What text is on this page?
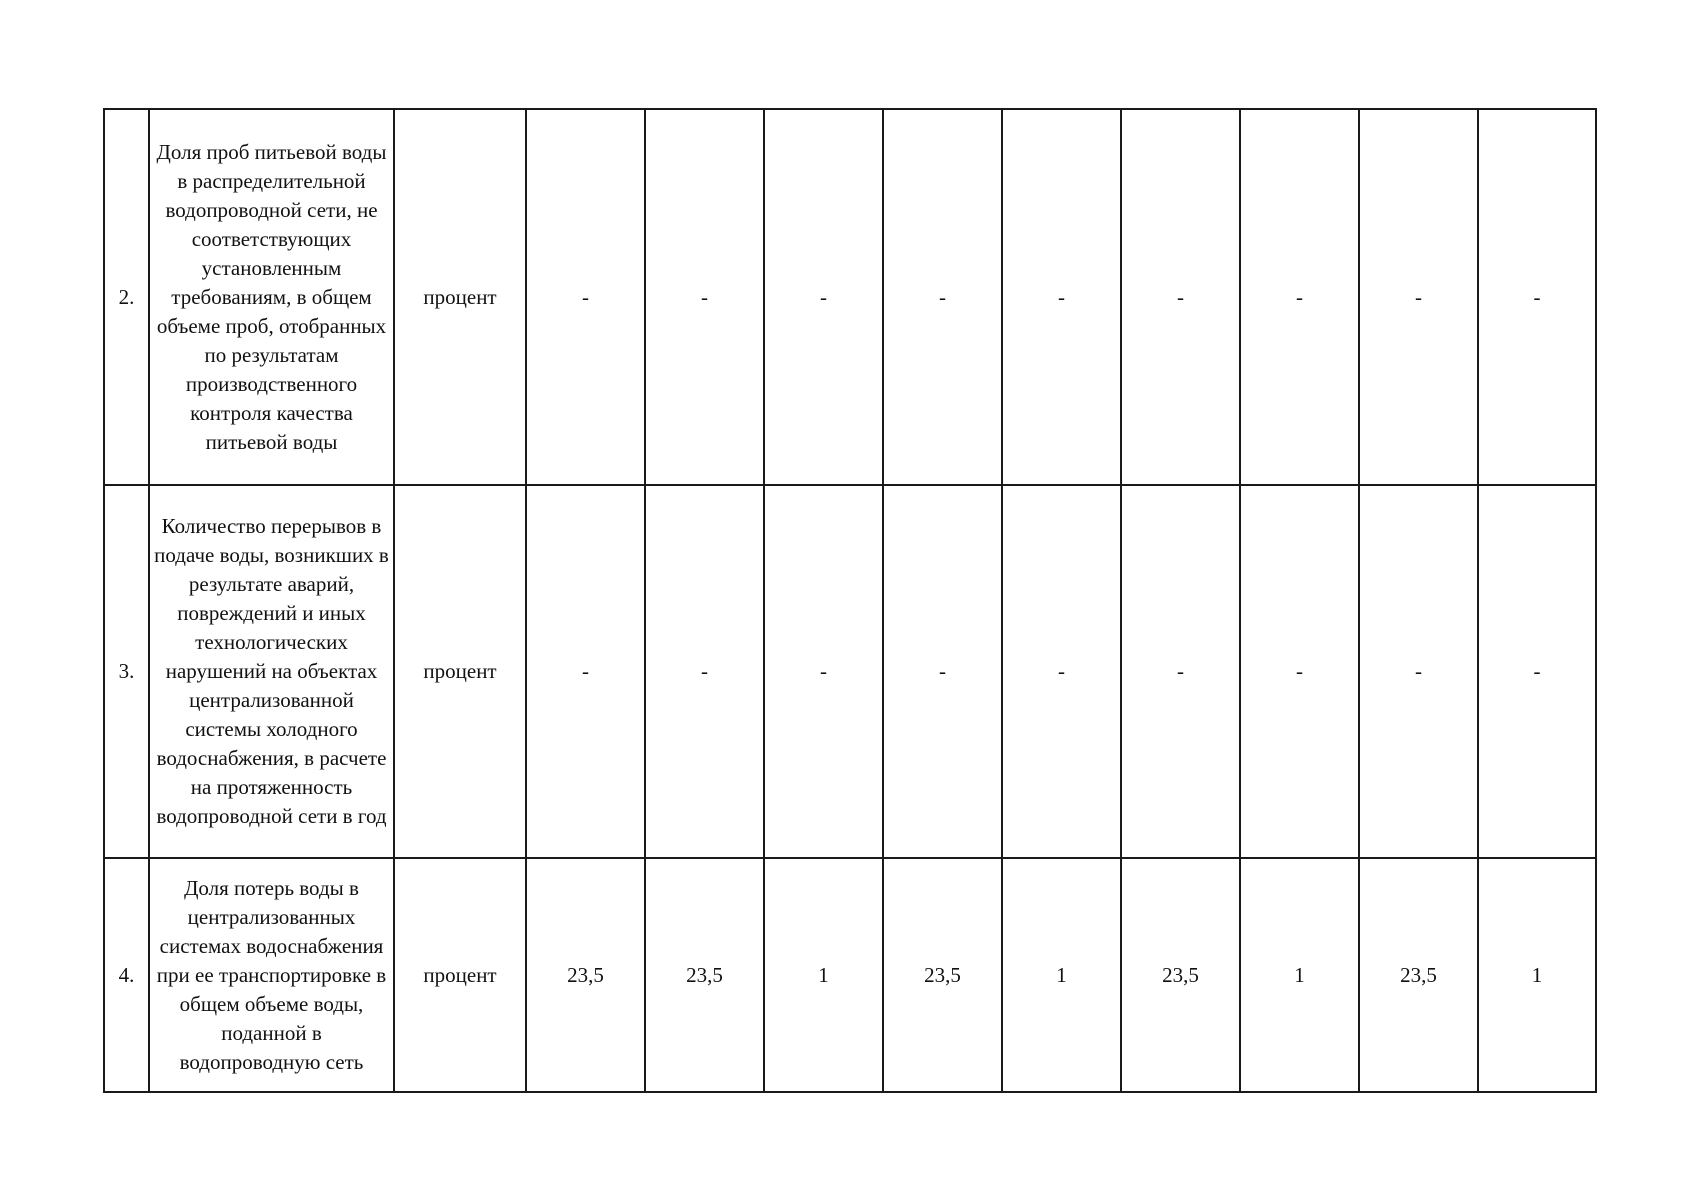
2.	Доля проб питьевой воды в распределительной водопроводной сети, не соответствующих установленным требованиям, в общем объеме проб, отобранных по результатам производственного контроля качества питьевой воды	процент	-	-	-	-	-	-	-	-	-
3.	Количество перерывов в подаче воды, возникших в результате аварий, повреждений и иных технологических нарушений на объектах централизованной системы холодного водоснабжения, в расчете на протяженность водопроводной сети в год	процент	-	-	-	-	-	-	-	-	-
4.	Доля потерь воды в централизованных системах водоснабжения при ее транспортировке в общем объеме воды, поданной в водопроводную сеть	процент	23,5	23,5	1	23,5	1	23,5	1	23,5	1
